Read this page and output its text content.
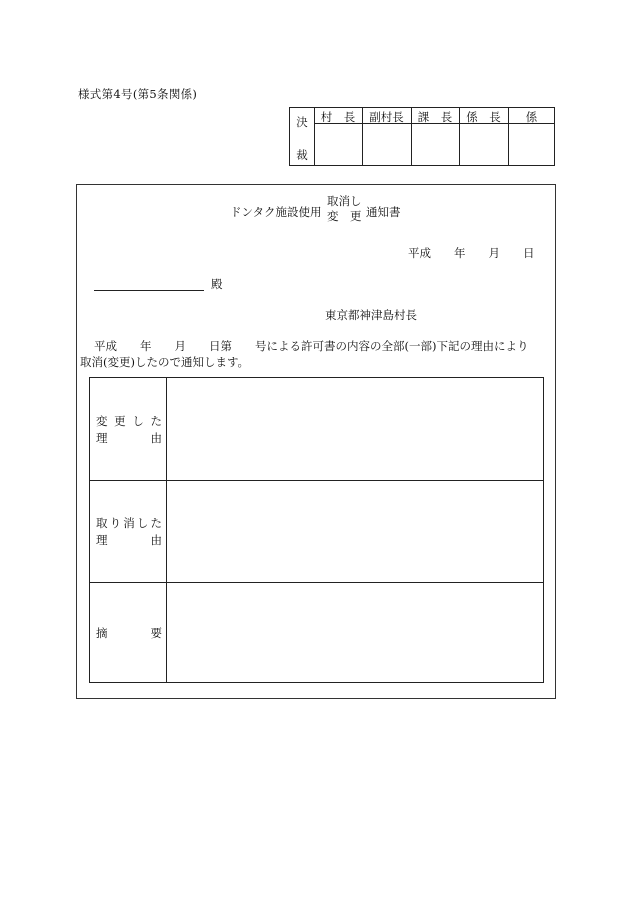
様式第4号(第5条関係)
決
裁
村　長	副村長	課　長	係　長	係
ドンタク施設使用
取消し
変　更 通知書
平成 年 月 日
殿
東京都神津島村長
平成　　年　　月　　日第　　号による許可書の内容の全部(一部)下記の理由により
取消(変更)したので通知します。
変 更 し た
理	由
取 り 消 し た
理	由
摘	要
